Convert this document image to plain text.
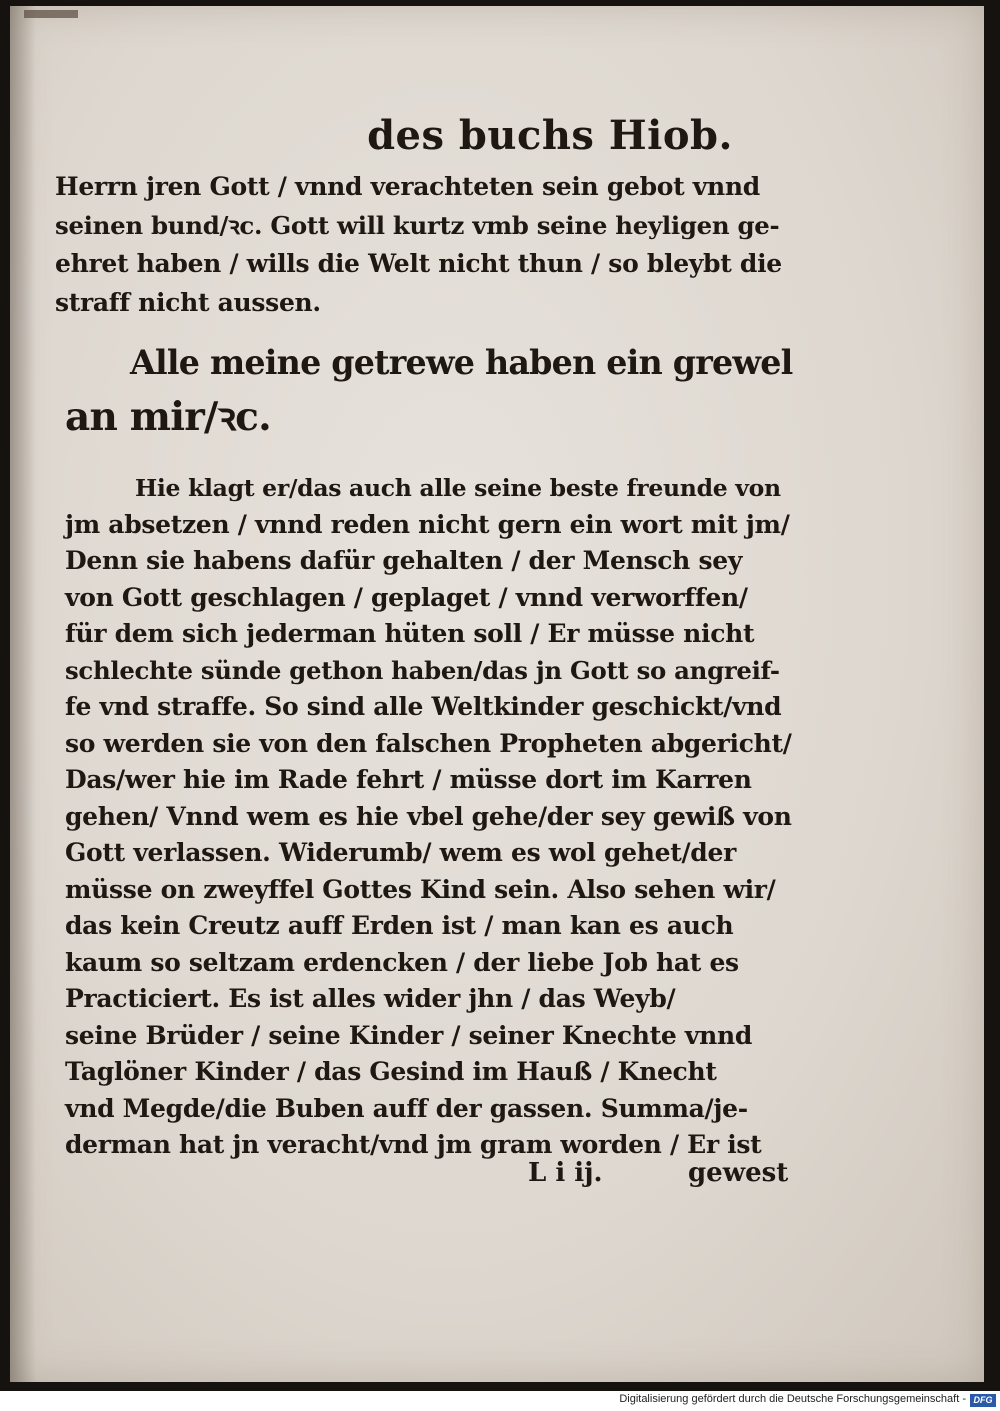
des buchs Hiob.
Herrn jren Gott / vnnd verachteten sein gebot vnnd
seinen bund/ꝛc. Gott will kurtz vmb seine heyligen ge-
ehret haben / wills die Welt nicht thun / so bleybt die
straff nicht aussen.
Alle meine getrewe haben ein grewel
an mir/ꝛc.
Hie klagt er/das auch alle seine beste freunde von
jm absetzen / vnnd reden nicht gern ein wort mit jm/
Denn sie habens dafür gehalten / der Mensch sey
von Gott geschlagen / geplaget / vnnd verworffen/
für dem sich jederman hüten soll / Er müsse nicht
schlechte sünde gethon haben/das jn Gott so angreif-
fe vnd straffe. So sind alle Weltkinder geschickt/vnd
so werden sie von den falschen Propheten abgericht/
Das/wer hie im Rade fehrt / müsse dort im Karren
gehen/ Vnnd wem es hie vbel gehe/der sey gewiß von
Gott verlassen. Widerumb/ wem es wol gehet/der
müsse on zweyffel Gottes Kind sein. Also sehen wir/
das kein Creutz auff Erden ist / man kan es auch
kaum so seltzam erdencken / der liebe Job hat es
Practiciert. Es ist alles wider jhn / das Weyb/
seine Brüder / seine Kinder / seiner Knechte vnnd
Taglöner Kinder / das Gesind im Hauß / Knecht
vnd Megde/die Buben auff der gassen. Summa/je-
derman hat jn veracht/vnd jm gram worden / Er ist
L i ij.	gewest
Digitalisierung gefördert durch die Deutsche Forschungsgemeinschaft - DFG
